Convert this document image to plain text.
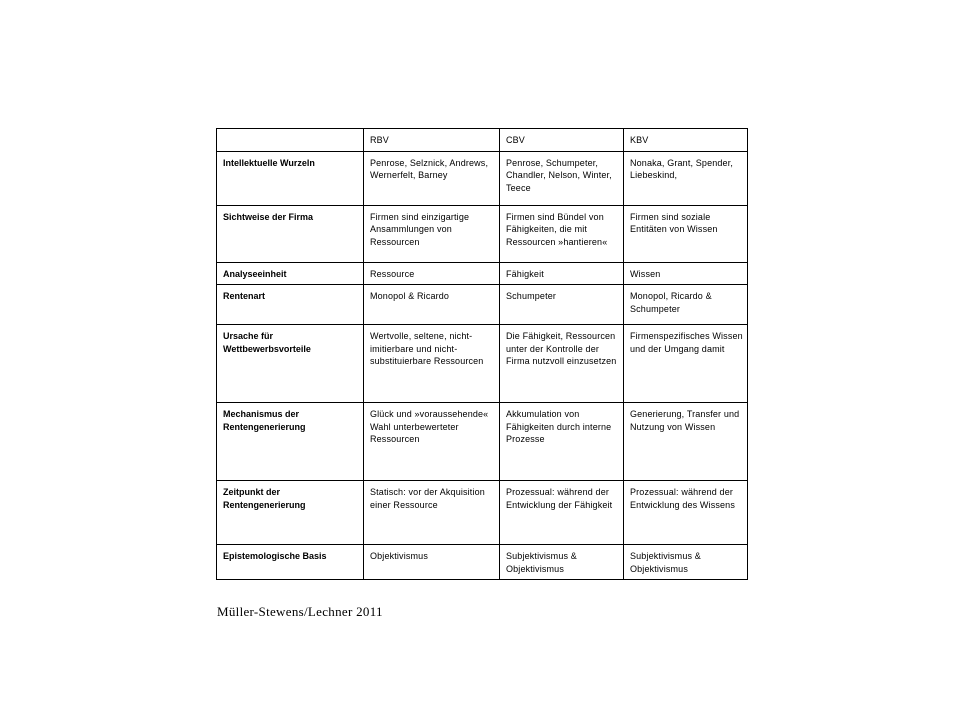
	RBV	CBV	KBV
Intellektuelle Wurzeln	Penrose, Selznick, Andrews, Wernerfelt, Barney	Penrose, Schumpeter, Chandler, Nelson, Winter, Teece	Nonaka, Grant, Spender, Liebeskind,
Sichtweise der Firma	Firmen sind einzigartige Ansammlungen von Ressourcen	Firmen sind Bündel von Fähigkeiten, die mit Ressourcen »hantieren«	Firmen sind soziale Entitäten von Wissen
Analyseeinheit	Ressource	Fähigkeit	Wissen
Rentenart	Monopol & Ricardo	Schumpeter	Monopol, Ricardo & Schumpeter
Ursache für Wettbewerbsvorteile	Wertvolle, seltene, nicht-imitierbare und nicht-substituierbare Ressourcen	Die Fähigkeit, Ressourcen unter der Kontrolle der Firma nutzvoll einzusetzen	Firmenspezifisches Wissen und der Umgang damit
Mechanismus der Rentengenerierung	Glück und »voraussehende« Wahl unterbewerteter Ressourcen	Akkumulation von Fähigkeiten durch interne Prozesse	Generierung, Transfer und Nutzung von Wissen
Zeitpunkt der Rentengenerierung	Statisch: vor der Akquisition einer Ressource	Prozessual: während der Entwicklung der Fähigkeit	Prozessual: während der Entwicklung des Wissens
Epistemologische Basis	Objektivismus	Subjektivismus & Objektivismus	Subjektivismus & Objektivismus
Müller-Stewens/Lechner 2011
